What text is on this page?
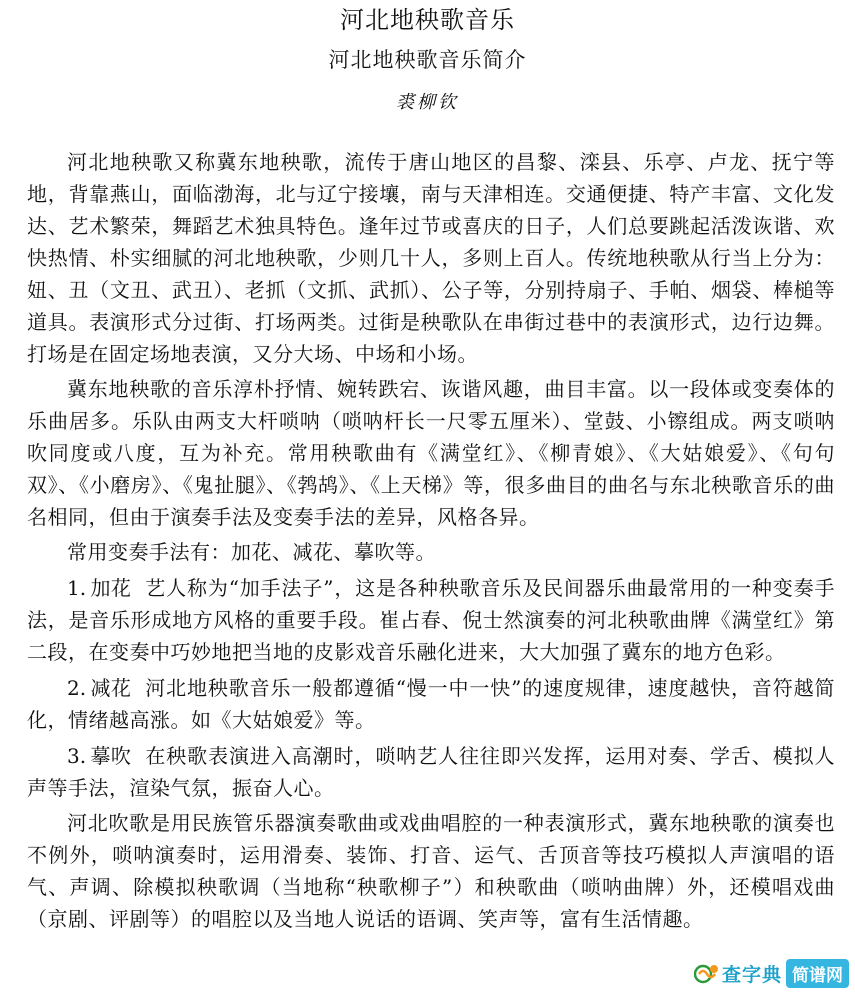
河北地秧歌音乐
河北地秧歌音乐简介
裘柳钦

河北地秧歌又称冀东地秧歌，流传于唐山地区的昌黎、滦县、乐亭、卢龙、抚宁等地，背靠燕山，面临渤海，北与辽宁接壤，南与天津相连。交通便捷、特产丰富、文化发达、艺术繁荣，舞蹈艺术独具特色。逢年过节或喜庆的日子，人们总要跳起活泼诙谐、欢快热情、朴实细腻的河北地秧歌，少则几十人，多则上百人。传统地秧歌从行当上分为：妞、丑（文丑、武丑）、老抓（文抓、武抓）、公子等，分别持扇子、手帕、烟袋、棒槌等道具。表演形式分过街、打场两类。过街是秧歌队在串街过巷中的表演形式，边行边舞。打场是在固定场地表演，又分大场、中场和小场。

冀东地秧歌的音乐淳朴抒情、婉转跌宕、诙谐风趣，曲目丰富。以一段体或变奏体的乐曲居多。乐队由两支大杆唢呐（唢呐杆长一尺零五厘米）、堂鼓、小镲组成。两支唢呐吹同度或八度，互为补充。常用秧歌曲有《满堂红》、《柳青娘》、《大姑娘爱》、《句句双》、《小磨房》、《鬼扯腿》、《鹁鸪》、《上天梯》等，很多曲目的曲名与东北秧歌音乐的曲名相同，但由于演奏手法及变奏手法的差异，风格各异。

常用变奏手法有：加花、减花、摹吹等。

1. 加花 艺人称为“加手法子”，这是各种秧歌音乐及民间器乐曲最常用的一种变奏手法，是音乐形成地方风格的重要手段。崔占春、倪士然演奏的河北秧歌曲牌《满堂红》第二段，在变奏中巧妙地把当地的皮影戏音乐融化进来，大大加强了冀东的地方色彩。

2. 减花 河北地秧歌音乐一般都遵循“慢一中一快”的速度规律，速度越快，音符越简化，情绪越高涨。如《大姑娘爱》等。

3. 摹吹 在秧歌表演进入高潮时，唢呐艺人往往即兴发挥，运用对奏、学舌、模拟人声等手法，渲染气氛，振奋人心。

河北吹歌是用民族管乐器演奏歌曲或戏曲唱腔的一种表演形式，冀东地秧歌的演奏也不例外，唢呐演奏时，运用滑奏、装饰、打音、运气、舌顶音等技巧模拟人声演唱的语气、声调、除模拟秧歌调（当地称“秧歌柳子”）和秧歌曲（唢呐曲牌）外，还模唱戏曲（京剧、评剧等）的唱腔以及当地人说话的语调、笑声等，富有生活情趣。

查字典 简谱网
